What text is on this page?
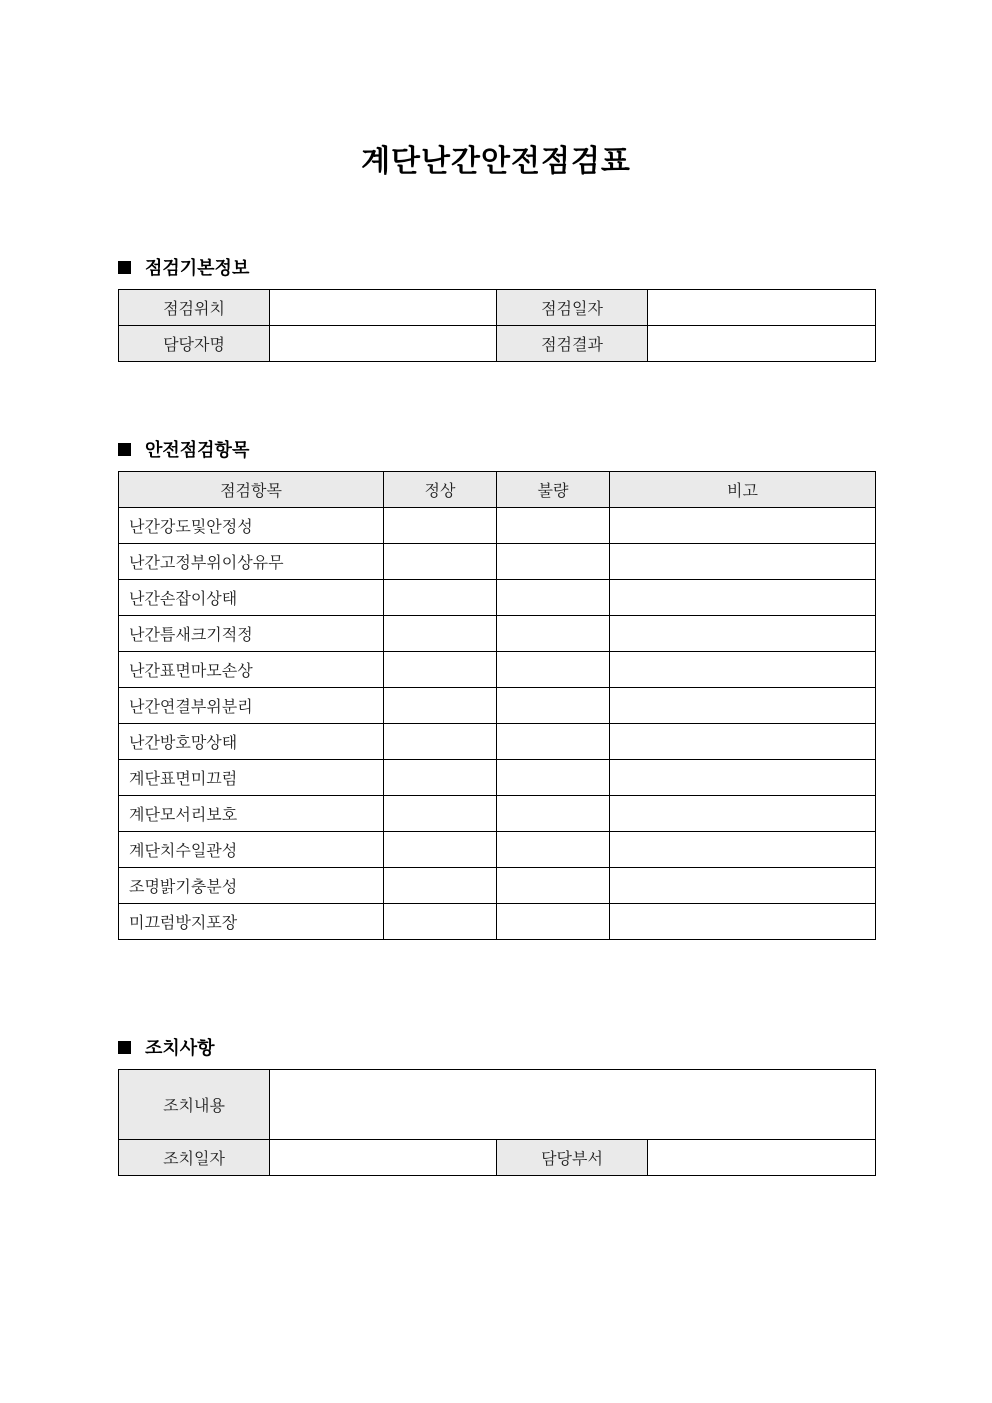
계단난간안전점검표
점검기본정보
점검위치		점검일자	
담당자명		점검결과	
안전점검항목
점검항목	정상	불량	비고
난간강도및안정성			
난간고정부위이상유무			
난간손잡이상태			
난간틈새크기적정			
난간표면마모손상			
난간연결부위분리			
난간방호망상태			
계단표면미끄럼			
계단모서리보호			
계단치수일관성			
조명밝기충분성			
미끄럼방지포장			
조치사항
조치내용			
조치일자		담당부서	
